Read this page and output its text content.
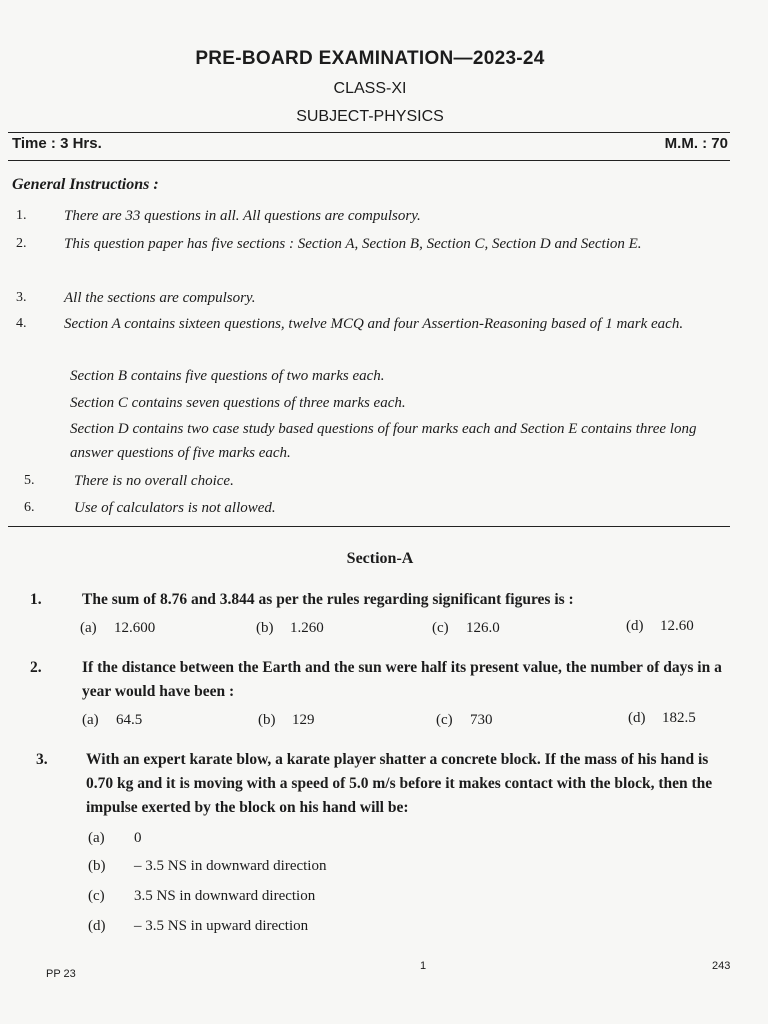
PRE-BOARD EXAMINATION—2023-24
CLASS-XI
SUBJECT-PHYSICS
Time : 3 Hrs.	M.M. : 70
General Instructions :
1.	There are 33 questions in all. All questions are compulsory.
2.	This question paper has five sections : Section A, Section B, Section C, Section D and Section E.
3.	All the sections are compulsory.
4.	Section A contains sixteen questions, twelve MCQ and four Assertion-Reasoning based of 1 mark each.
Section B contains five questions of two marks each.
Section C contains seven questions of three marks each.
Section D contains two case study based questions of four marks each and Section E contains three long answer questions of five marks each.
5.	There is no overall choice.
6.	Use of calculators is not allowed.
Section-A
1.	The sum of 8.76 and 3.844 as per the rules regarding significant figures is :
(a) 12.600	(b) 1.260	(c) 126.0	(d) 12.60
2.	If the distance between the Earth and the sun were half its present value, the number of days in a year would have been :
(a) 64.5	(b) 129	(c) 730	(d) 182.5
3. With an expert karate blow, a karate player shatter a concrete block. If the mass of his hand is 0.70 kg and it is moving with a speed of 5.0 m/s before it makes contact with the block, then the impulse exerted by the block on his hand will be:
(a) 0
(b) – 3.5 NS in downward direction
(c) 3.5 NS in downward direction
(d) – 3.5 NS in upward direction
PP 23
1	243
